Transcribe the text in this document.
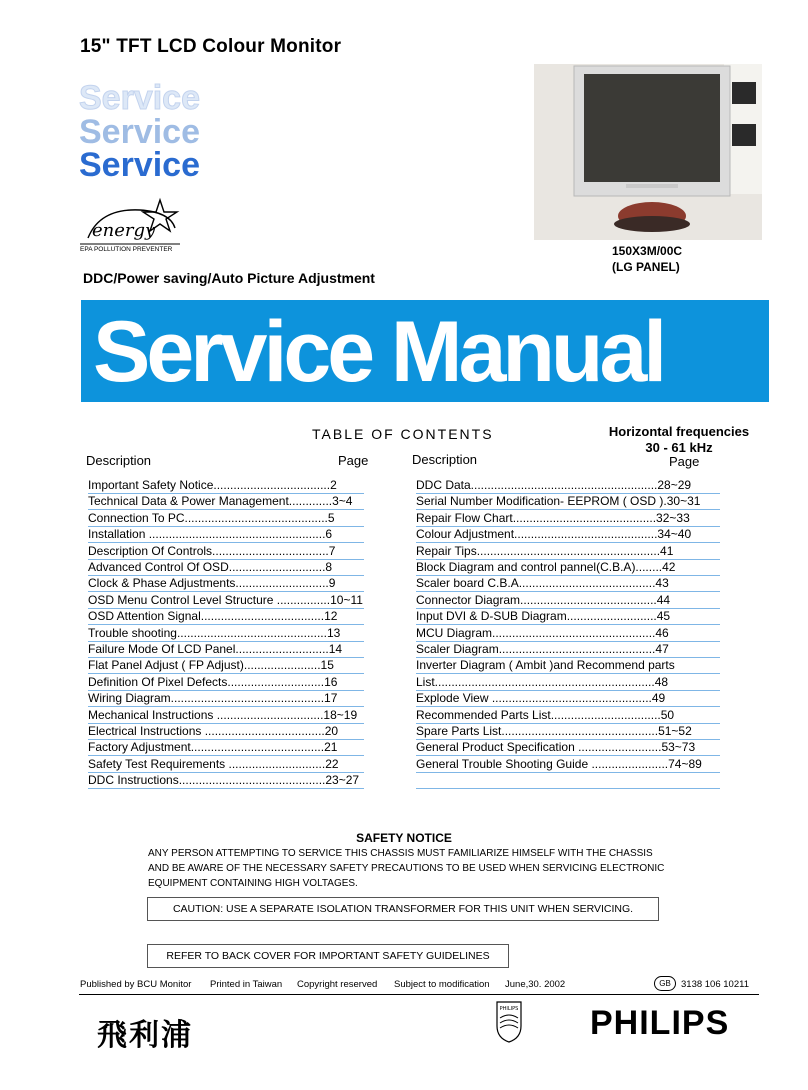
15" TFT LCD Colour Monitor
Service
Service
Service
energy
EPA POLLUTION PREVENTER	150X3M/00C
(LG PANEL)
DDC/Power saving/Auto Picture Adjustment
Service Manual
TABLE OF CONTENTS	Horizontal frequencies
30 - 61 kHz
Description	Page	Description	Page
Important Safety Notice...................................2
Technical Data & Power Management.............3~4
Connection To PC...........................................5
Installation .....................................................6
Description Of Controls...................................7
Advanced Control Of OSD.............................8
Clock & Phase Adjustments............................9
OSD Menu Control Level Structure ................10~11
OSD Attention Signal.....................................12
Trouble shooting.............................................13
Failure Mode Of LCD Panel............................14
Flat Panel Adjust ( FP Adjust).......................15
Definition Of Pixel Defects.............................16
Wiring Diagram..............................................17
Mechanical Instructions ................................18~19
Electrical Instructions ....................................20
Factory Adjustment........................................21
Safety Test Requirements .............................22
DDC Instructions............................................23~27
DDC Data........................................................28~29
Serial Number Modification- EEPROM ( OSD ).30~31
Repair Flow Chart...........................................32~33
Colour Adjustment...........................................34~40
Repair Tips.......................................................41
Block Diagram and control pannel(C.B.A)........42
Scaler board C.B.A.........................................43
Connector Diagram.........................................44
Input DVI & D-SUB Diagram...........................45
MCU Diagram.................................................46
Scaler Diagram...............................................47
Inverter Diagram ( Ambit )and Recommend parts
List..................................................................48
Explode View ................................................49
Recommended Parts List.................................50
Spare Parts List...............................................51~52
General Product Specification .........................53~73
General Trouble Shooting Guide .......................74~89
SAFETY NOTICE
ANY PERSON ATTEMPTING TO SERVICE THIS CHASSIS MUST FAMILIARIZE HIMSELF WITH THE CHASSIS
AND BE AWARE OF THE NECESSARY SAFETY PRECAUTIONS TO BE USED WHEN SERVICING ELECTRONIC
EQUIPMENT CONTAINING HIGH VOLTAGES.
CAUTION: USE A SEPARATE ISOLATION TRANSFORMER FOR THIS UNIT WHEN SERVICING.
REFER TO BACK COVER FOR IMPORTANT SAFETY GUIDELINES
Published by BCU Monitor Printed in Taiwan Copyright reserved Subject to modification June,30. 2002	GB	3138 106 10211
飛利浦
PHILIPS PHILIPS
